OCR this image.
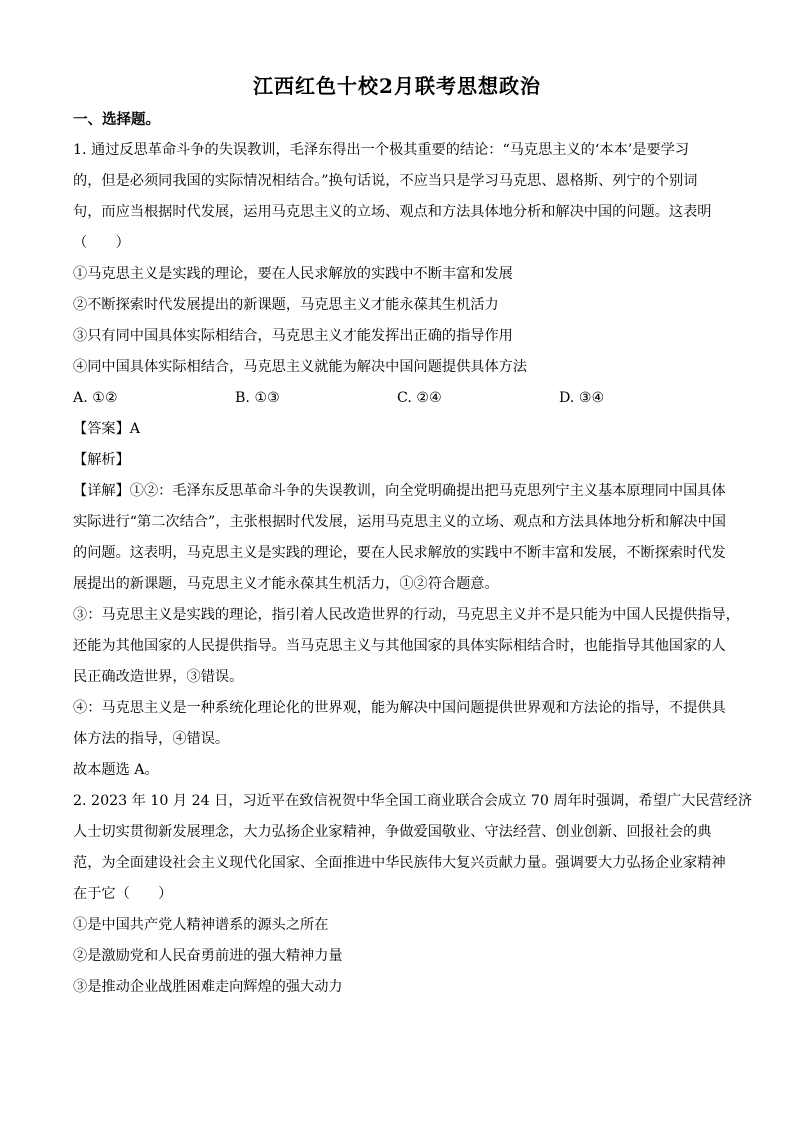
江西红色十校2月联考思想政治
一、选择题。
1. 通过反思革命斗争的失误教训，毛泽东得出一个极其重要的结论：“马克思主义的‘本本’是要学习
的，但是必须同我国的实际情况相结合。”换句话说，不应当只是学习马克思、恩格斯、列宁的个别词
句，而应当根据时代发展，运用马克思主义的立场、观点和方法具体地分析和解决中国的问题。这表明
（　　）
①马克思主义是实践的理论，要在人民求解放的实践中不断丰富和发展
②不断探索时代发展提出的新课题，马克思主义才能永葆其生机活力
③只有同中国具体实际相结合，马克思主义才能发挥出正确的指导作用
④同中国具体实际相结合，马克思主义就能为解决中国问题提供具体方法
A. ①②	B. ①③	C. ②④	D. ③④
【答案】A
【解析】
【详解】①②：毛泽东反思革命斗争的失误教训，向全党明确提出把马克思列宁主义基本原理同中国具体
实际进行“第二次结合”，主张根据时代发展，运用马克思主义的立场、观点和方法具体地分析和解决中国
的问题。这表明，马克思主义是实践的理论，要在人民求解放的实践中不断丰富和发展，不断探索时代发
展提出的新课题，马克思主义才能永葆其生机活力，①②符合题意。
③：马克思主义是实践的理论，指引着人民改造世界的行动，马克思主义并不是只能为中国人民提供指导，
还能为其他国家的人民提供指导。当马克思主义与其他国家的具体实际相结合时，也能指导其他国家的人
民正确改造世界，③错误。
④：马克思主义是一种系统化理论化的世界观，能为解决中国问题提供世界观和方法论的指导，不提供具
体方法的指导，④错误。
故本题选 A。
2. 2023 年 10 月 24 日，习近平在致信祝贺中华全国工商业联合会成立 70 周年时强调，希望广大民营经济
人士切实贯彻新发展理念，大力弘扬企业家精神，争做爱国敬业、守法经营、创业创新、回报社会的典
范，为全面建设社会主义现代化国家、全面推进中华民族伟大复兴贡献力量。强调要大力弘扬企业家精神
在于它（　　）
①是中国共产党人精神谱系的源头之所在
②是激励党和人民奋勇前进的强大精神力量
③是推动企业战胜困难走向辉煌的强大动力
